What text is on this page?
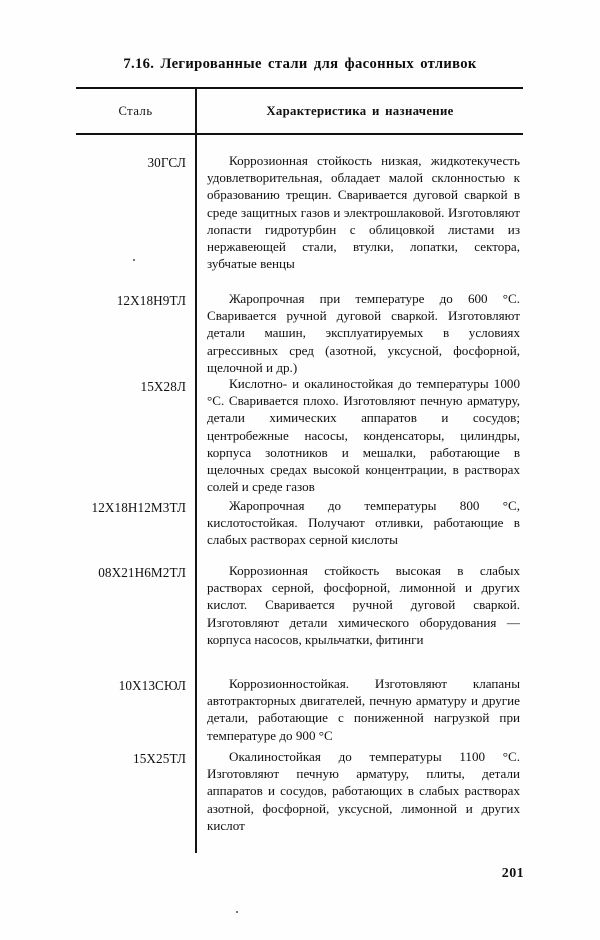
7.16. Легированные стали для фасонных отливок
Сталь	Характеристика и назначение
30ГСЛ	Коррозионная стойкость низкая, жидкотекучесть удовлетворительная, обладает малой склонностью к образованию трещин. Сваривается дуговой сваркой в среде защитных газов и электрошлаковой. Изготовляют лопасти гидротурбин с облицовкой листами из нержавеющей стали, втулки, лопатки, сектора, зубчатые венцы
12Х18Н9ТЛ	Жаропрочная при температуре до 600 °C. Сваривается ручной дуговой сваркой. Изготовляют детали машин, эксплуатируемых в условиях агрессивных сред (азотной, уксусной, фосфорной, щелочной и др.)
15Х28Л	Кислотно- и окалиностойкая до температуры 1000 °C. Сваривается плохо. Изготовляют печную арматуру, детали химических аппаратов и сосудов; центробежные насосы, конденсаторы, цилиндры, корпуса золотников и мешалки, работающие в щелочных средах высокой концентрации, в растворах солей и среде газов
12Х18Н12М3ТЛ	Жаропрочная до температуры 800 °C, кислотостойкая. Получают отливки, работающие в слабых растворах серной кислоты
08Х21Н6М2ТЛ	Коррозионная стойкость высокая в слабых растворах серной, фосфорной, лимонной и других кислот. Сваривается ручной дуговой сваркой. Изготовляют детали химического оборудования — корпуса насосов, крыльчатки, фитинги
10Х13СЮЛ	Коррозионностойкая. Изготовляют клапаны автотракторных двигателей, печную арматуру и другие детали, работающие с пониженной нагрузкой при температуре до 900 °C
15Х25ТЛ	Окалиностойкая до температуры 1100 °C. Изготовляют печную арматуру, плиты, детали аппаратов и сосудов, работающих в слабых растворах азотной, фосфорной, уксусной, лимонной и других кислот
201
